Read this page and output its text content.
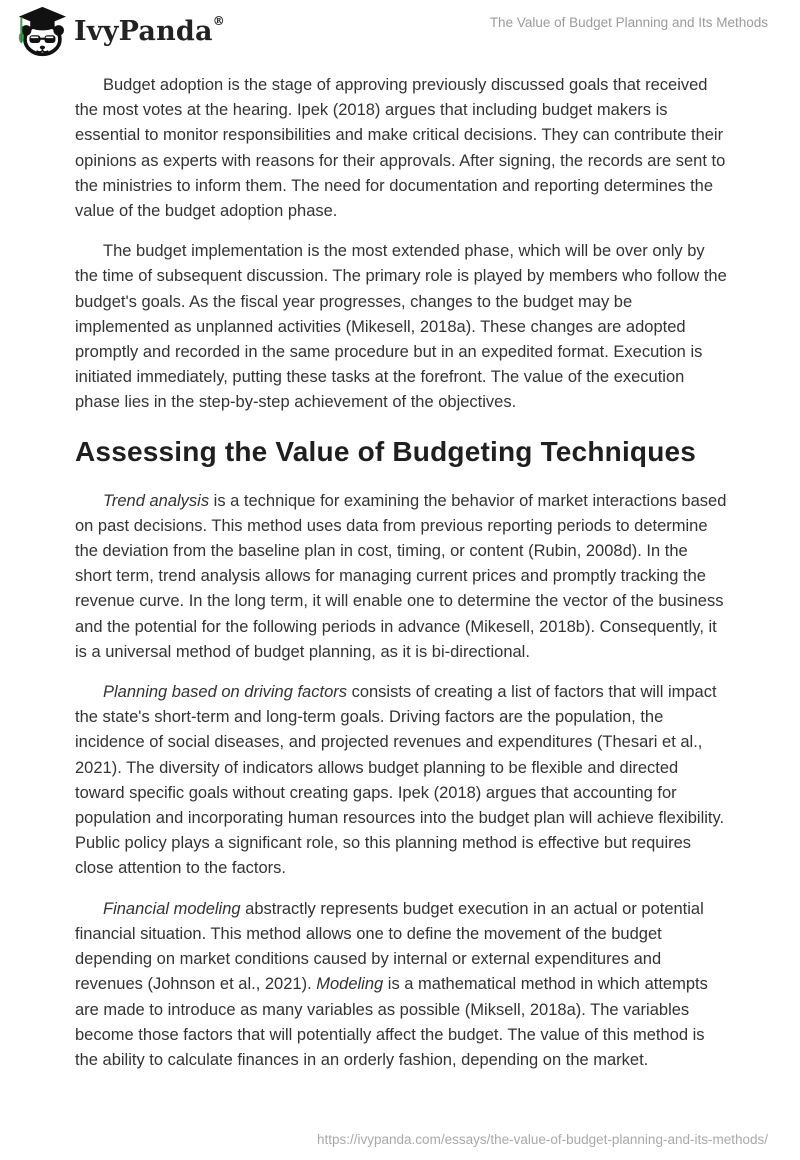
IvyPanda®	The Value of Budget Planning and Its Methods

Budget adoption is the stage of approving previously discussed goals that received the most votes at the hearing. Ipek (2018) argues that including budget makers is essential to monitor responsibilities and make critical decisions. They can contribute their opinions as experts with reasons for their approvals. After signing, the records are sent to the ministries to inform them. The need for documentation and reporting determines the value of the budget adoption phase.

The budget implementation is the most extended phase, which will be over only by the time of subsequent discussion. The primary role is played by members who follow the budget's goals. As the fiscal year progresses, changes to the budget may be implemented as unplanned activities (Mikesell, 2018a). These changes are adopted promptly and recorded in the same procedure but in an expedited format. Execution is initiated immediately, putting these tasks at the forefront. The value of the execution phase lies in the step-by-step achievement of the objectives.

Assessing the Value of Budgeting Techniques

Trend analysis is a technique for examining the behavior of market interactions based on past decisions. This method uses data from previous reporting periods to determine the deviation from the baseline plan in cost, timing, or content (Rubin, 2008d). In the short term, trend analysis allows for managing current prices and promptly tracking the revenue curve. In the long term, it will enable one to determine the vector of the business and the potential for the following periods in advance (Mikesell, 2018b). Consequently, it is a universal method of budget planning, as it is bi-directional.

Planning based on driving factors consists of creating a list of factors that will impact the state's short-term and long-term goals. Driving factors are the population, the incidence of social diseases, and projected revenues and expenditures (Thesari et al., 2021). The diversity of indicators allows budget planning to be flexible and directed toward specific goals without creating gaps. Ipek (2018) argues that accounting for population and incorporating human resources into the budget plan will achieve flexibility. Public policy plays a significant role, so this planning method is effective but requires close attention to the factors.

Financial modeling abstractly represents budget execution in an actual or potential financial situation. This method allows one to define the movement of the budget depending on market conditions caused by internal or external expenditures and revenues (Johnson et al., 2021). Modeling is a mathematical method in which attempts are made to introduce as many variables as possible (Miksell, 2018a). The variables become those factors that will potentially affect the budget. The value of this method is the ability to calculate finances in an orderly fashion, depending on the market.

https://ivypanda.com/essays/the-value-of-budget-planning-and-its-methods/
